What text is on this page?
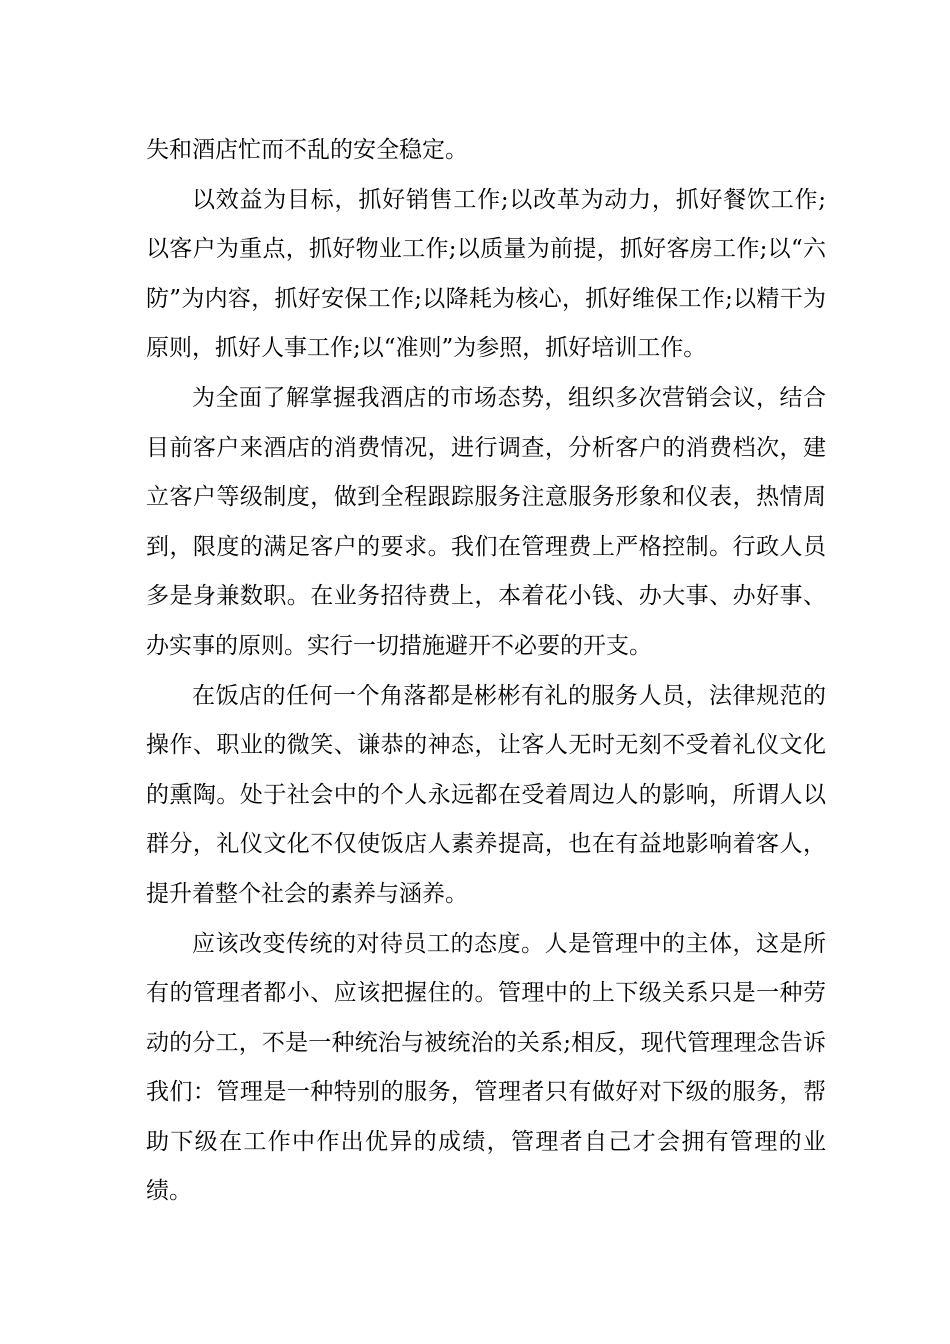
失和酒店忙而不乱的安全稳定。

以效益为目标，抓好销售工作;以改革为动力，抓好餐饮工作;以客户为重点，抓好物业工作;以质量为前提，抓好客房工作;以“六防”为内容，抓好安保工作;以降耗为核心，抓好维保工作;以精干为原则，抓好人事工作;以“准则”为参照，抓好培训工作。

为全面了解掌握我酒店的市场态势，组织多次营销会议，结合目前客户来酒店的消费情况，进行调查，分析客户的消费档次，建立客户等级制度，做到全程跟踪服务注意服务形象和仪表，热情周到，限度的满足客户的要求。我们在管理费上严格控制。行政人员多是身兼数职。在业务招待费上，本着花小钱、办大事、办好事、办实事的原则。实行一切措施避开不必要的开支。

在饭店的任何一个角落都是彬彬有礼的服务人员，法律规范的操作、职业的微笑、谦恭的神态，让客人无时无刻不受着礼仪文化的熏陶。处于社会中的个人永远都在受着周边人的影响，所谓人以群分，礼仪文化不仅使饭店人素养提高，也在有益地影响着客人，提升着整个社会的素养与涵养。

应该改变传统的对待员工的态度。人是管理中的主体，这是所有的管理者都小、应该把握住的。管理中的上下级关系只是一种劳动的分工，不是一种统治与被统治的关系;相反，现代管理理念告诉我们：管理是一种特别的服务，管理者只有做好对下级的服务，帮助下级在工作中作出优异的成绩，管理者自己才会拥有管理的业绩。
